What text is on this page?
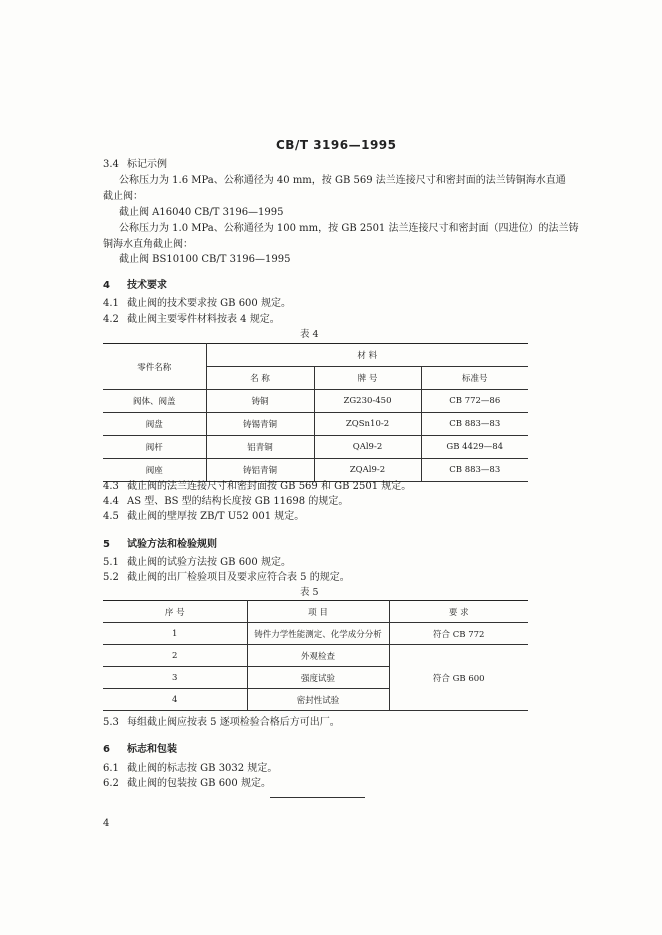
CB/T 3196—1995
3.4 标记示例
公称压力为 1.6 MPa、公称通径为 40 mm，按 GB 569 法兰连接尺寸和密封面的法兰铸铜海水直通
截止阀：
截止阀 A16040 CB/T 3196—1995
公称压力为 1.0 MPa、公称通径为 100 mm，按 GB 2501 法兰连接尺寸和密封面（四进位）的法兰铸
铜海水直角截止阀：
截止阀 BS10100 CB/T 3196—1995
4 技术要求
4.1 截止阀的技术要求按 GB 600 规定。
4.2 截止阀主要零件材料按表 4 规定。
表 4
零件名称	材 料		
	名 称	牌 号	标准号
阀体、阀盖	铸铜	ZG230-450	CB 772—86
阀盘	铸锡青铜	ZQSn10-2	CB 883—83
阀杆	铝青铜	QAl9-2	GB 4429—84
阀座	铸铝青铜	ZQAl9-2	CB 883—83
4.3 截止阀的法兰连接尺寸和密封面按 GB 569 和 GB 2501 规定。
4.4 AS 型、BS 型的结构长度按 GB 11698 的规定。
4.5 截止阀的壁厚按 ZB/T U52 001 规定。
5 试验方法和检验规则
5.1 截止阀的试验方法按 GB 600 规定。
5.2 截止阀的出厂检验项目及要求应符合表 5 的规定。
表 5
序 号	项 目	要 求
1	铸件力学性能测定、化学成分分析	符合 CB 772
2	外观检查	符合 GB 600
3	强度试验	
4	密封性试验	
5.3 每组截止阀应按表 5 逐项检验合格后方可出厂。
6 标志和包装
6.1 截止阀的标志按 GB 3032 规定。
6.2 截止阀的包装按 GB 600 规定。
4
